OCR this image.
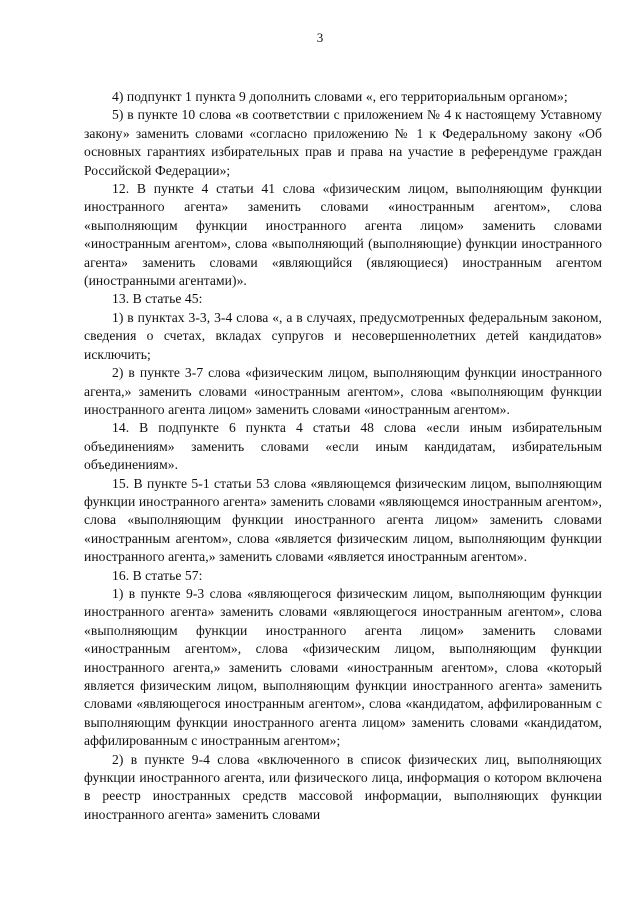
3

4) подпункт 1 пункта 9 дополнить словами «, его территориальным органом»;

5) в пункте 10 слова «в соответствии с приложением № 4 к настоящему Уставному закону» заменить словами «согласно приложению № 1 к Федеральному закону «Об основных гарантиях избирательных прав и права на участие в референдуме граждан Российской Федерации»;

12. В пункте 4 статьи 41 слова «физическим лицом, выполняющим функции иностранного агента» заменить словами «иностранным агентом», слова «выполняющим функции иностранного агента лицом» заменить словами «иностранным агентом», слова «выполняющий (выполняющие) функции иностранного агента» заменить словами «являющийся (являющиеся) иностранным агентом (иностранными агентами)».

13. В статье 45:

1) в пунктах 3-3, 3-4 слова «, а в случаях, предусмотренных федеральным законом, сведения о счетах, вкладах супругов и несовершеннолетних детей кандидатов» исключить;

2) в пункте 3-7 слова «физическим лицом, выполняющим функции иностранного агента,» заменить словами «иностранным агентом», слова «выполняющим функции иностранного агента лицом» заменить словами «иностранным агентом».

14. В подпункте 6 пункта 4 статьи 48 слова «если иным избирательным объединениям» заменить словами «если иным кандидатам, избирательным объединениям».

15. В пункте 5-1 статьи 53 слова «являющемся физическим лицом, выполняющим функции иностранного агента» заменить словами «являющемся иностранным агентом», слова «выполняющим функции иностранного агента лицом» заменить словами «иностранным агентом», слова «является физическим лицом, выполняющим функции иностранного агента,» заменить словами «является иностранным агентом».

16. В статье 57:

1) в пункте 9-3 слова «являющегося физическим лицом, выполняющим функции иностранного агента» заменить словами «являющегося иностранным агентом», слова «выполняющим функции иностранного агента лицом» заменить словами «иностранным агентом», слова «физическим лицом, выполняющим функции иностранного агента,» заменить словами «иностранным агентом», слова «который является физическим лицом, выполняющим функции иностранного агента» заменить словами «являющегося иностранным агентом», слова «кандидатом, аффилированным с выполняющим функции иностранного агента лицом» заменить словами «кандидатом, аффилированным с иностранным агентом»;

2) в пункте 9-4 слова «включенного в список физических лиц, выполняющих функции иностранного агента, или физического лица, информация о котором включена в реестр иностранных средств массовой информации, выполняющих функции иностранного агента» заменить словами
